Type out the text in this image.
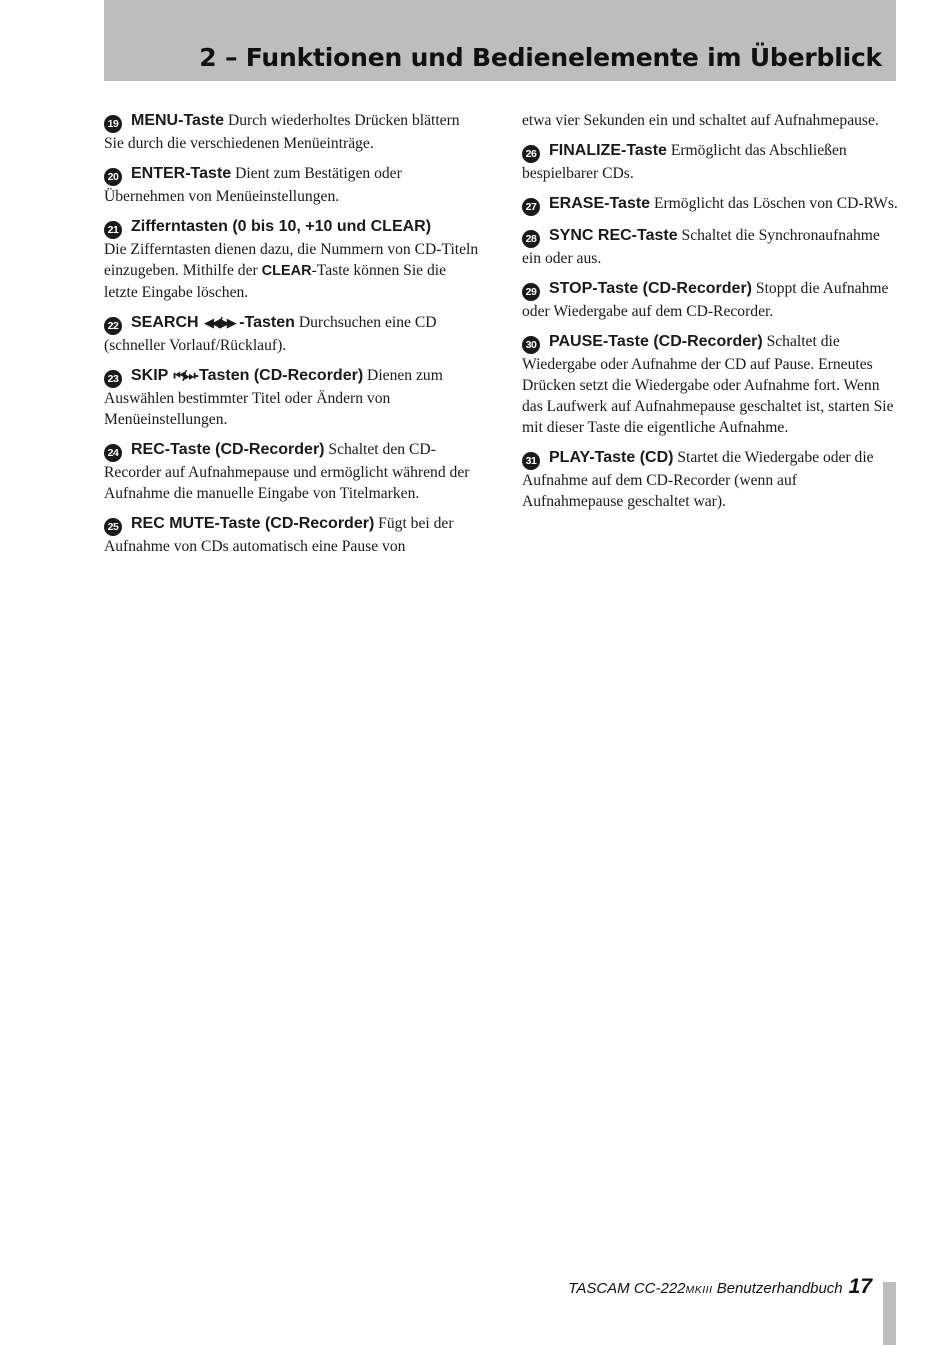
2 – Funktionen und Bedienelemente im Überblick

19 MENU-Taste Durch wiederholtes Drücken blättern Sie durch die verschiedenen Menüeinträge.

20 ENTER-Taste Dient zum Bestätigen oder Übernehmen von Menüeinstellungen.

21 Zifferntasten (0 bis 10, +10 und CLEAR)
Die Zifferntasten dienen dazu, die Nummern von CD-Titeln einzugeben. Mithilfe der CLEAR-Taste können Sie die letzte Eingabe löschen.

22 SEARCH ◀◀/▶▶ -Tasten Durchsuchen eine CD (schneller Vorlauf/Rücklauf).

23 SKIP ⏮/⏭-Tasten (CD-Recorder) Dienen zum Auswählen bestimmter Titel oder Ändern von Menüeinstellungen.

24 REC-Taste (CD-Recorder) Schaltet den CD-Recorder auf Aufnahmepause und ermöglicht während der Aufnahme die manuelle Eingabe von Titelmarken.

25 REC MUTE-Taste (CD-Recorder) Fügt bei der Aufnahme von CDs automatisch eine Pause von

etwa vier Sekunden ein und schaltet auf Aufnahmepause.

26 FINALIZE-Taste Ermöglicht das Abschließen bespielbarer CDs.

27 ERASE-Taste Ermöglicht das Löschen von CD-RWs.

28 SYNC REC-Taste Schaltet die Synchronaufnahme ein oder aus.

29 STOP-Taste (CD-Recorder) Stoppt die Aufnahme oder Wiedergabe auf dem CD-Recorder.

30 PAUSE-Taste (CD-Recorder) Schaltet die Wiedergabe oder Aufnahme der CD auf Pause. Erneutes Drücken setzt die Wiedergabe oder Aufnahme fort. Wenn das Laufwerk auf Aufnahmepause geschaltet ist, starten Sie mit dieser Taste die eigentliche Aufnahme.

31 PLAY-Taste (CD) Startet die Wiedergabe oder die Aufnahme auf dem CD-Recorder (wenn auf Aufnahmepause geschaltet war).

TASCAM CC-222MKIII Benutzerhandbuch 17
